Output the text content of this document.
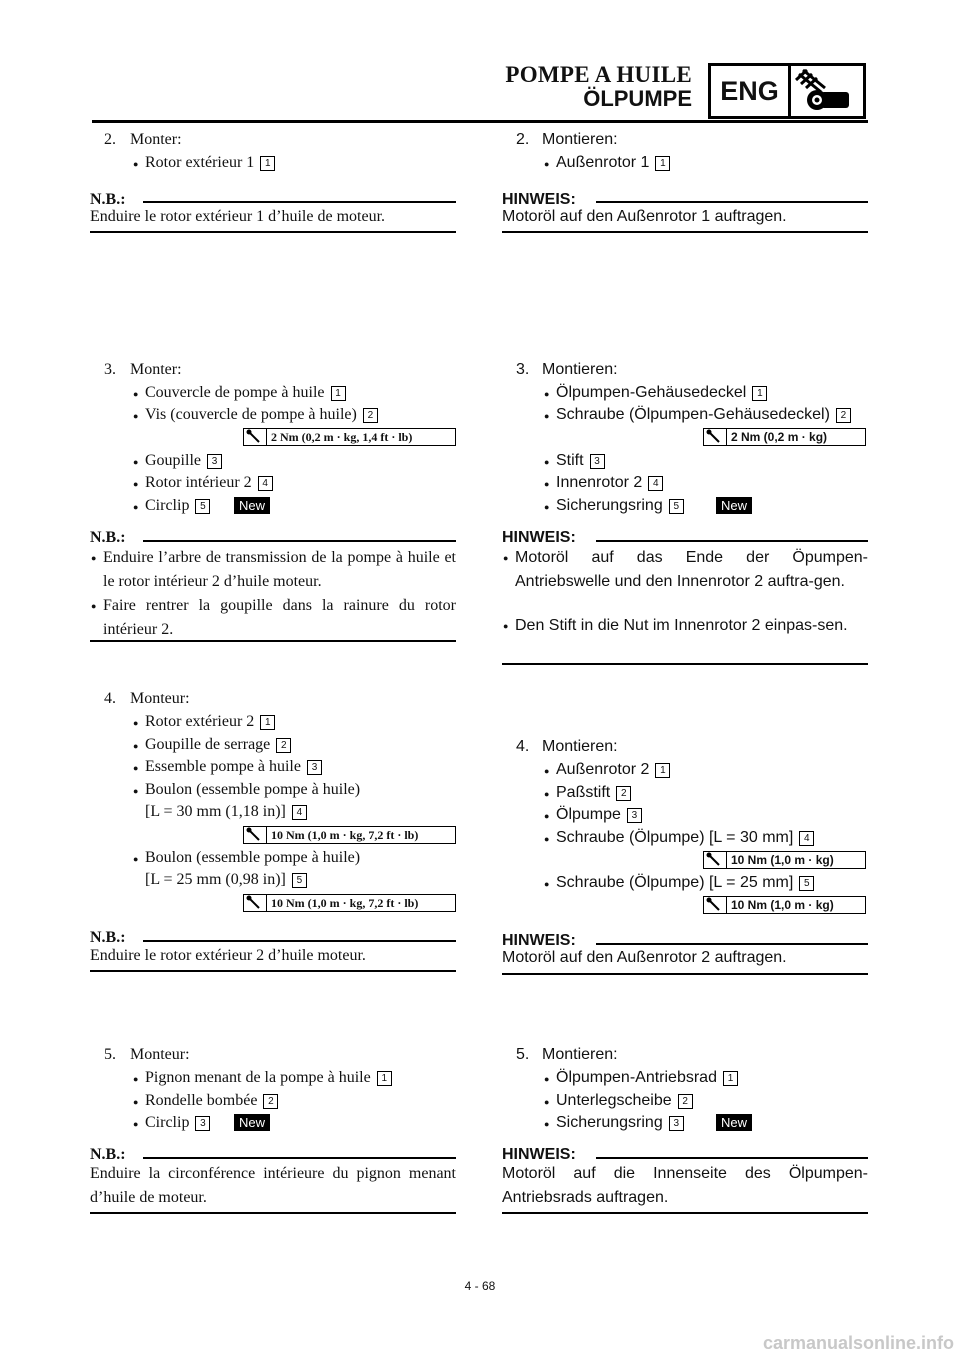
POMPE A HUILE
ÖLPUMPE	ENG
2. Monter:
● Rotor extérieur 1 1
N.B.:
Enduire le rotor extérieur 1 d’huile de moteur.
3. Monter:
● Couvercle de pompe à huile 1
● Vis (couvercle de pompe à huile) 2
2 Nm (0,2 m · kg, 1,4 ft · lb)
● Goupille 3
● Rotor intérieur 2 4
● Circlip 5	New
N.B.:
● Enduire l’arbre de transmission de la pompe à huile et le rotor intérieur 2 d’huile moteur.
● Faire rentrer la goupille dans la rainure du rotor intérieur 2.
4. Monteur:
● Rotor extérieur 2 1
● Goupille de serrage 2
● Essemble pompe à huile 3
● Boulon (essemble pompe à huile)
[L = 30 mm (1,18 in)] 4
10 Nm (1,0 m · kg, 7,2 ft · lb)
● Boulon (essemble pompe à huile)
[L = 25 mm (0,98 in)] 5
10 Nm (1,0 m · kg, 7,2 ft · lb)
N.B.:
Enduire le rotor extérieur 2 d’huile moteur.
5. Monteur:
● Pignon menant de la pompe à huile 1
● Rondelle bombée 2
● Circlip 3	New
N.B.:
Enduire la circonférence intérieure du pignon menant d’huile de moteur.
2. Montieren:
● Außenrotor 1 1
HINWEIS:
Motoröl auf den Außenrotor 1 auftragen.
3. Montieren:
● Ölpumpen-Gehäusedeckel 1
● Schraube (Ölpumpen-Gehäusedeckel) 2
2 Nm (0,2 m · kg)
● Stift 3
● Innenrotor 2 4
● Sicherungsring 5	New
HINWEIS:
● Motoröl auf das Ende der Öpumpen-Antriebswelle und den Innenrotor 2 auftra-gen.
● Den Stift in die Nut im Innenrotor 2 einpas-sen.
4. Montieren:
● Außenrotor 2 1
● Paßstift 2
● Ölpumpe 3
● Schraube (Ölpumpe) [L = 30 mm] 4
10 Nm (1,0 m · kg)
● Schraube (Ölpumpe) [L = 25 mm] 5
10 Nm (1,0 m · kg)
HINWEIS:
Motoröl auf den Außenrotor 2 auftragen.
5. Montieren:
● Ölpumpen-Antriebsrad 1
● Unterlegscheibe 2
● Sicherungsring 3	New
HINWEIS:
Motoröl auf die Innenseite des Ölpumpen-Antriebsrads auftragen.
4 - 68
carmanualsonline.info
